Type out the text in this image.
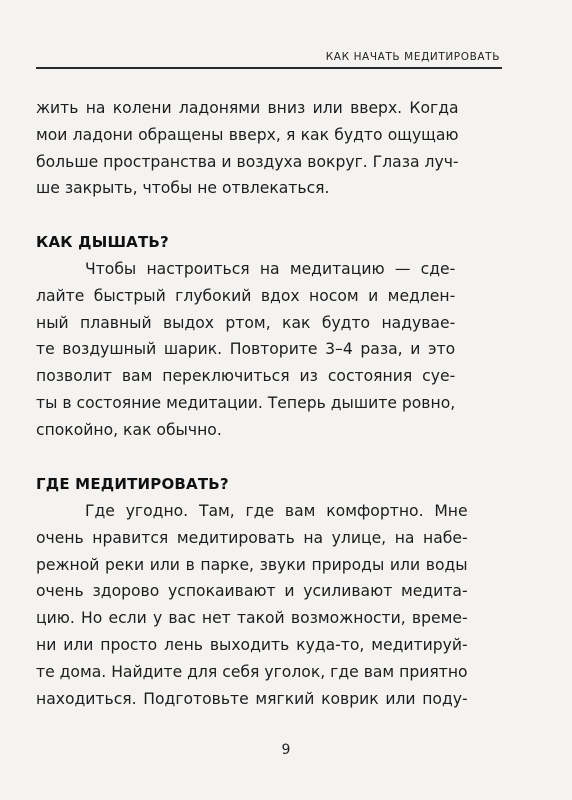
КАК НАЧАТЬ МЕДИТИРОВАТЬ
жить на колени ладонями вниз или вверх. Когда
мои ладони обращены вверх, я как будто ощущаю
больше пространства и воздуха вокруг. Глаза луч-
ше закрыть, чтобы не отвлекаться.
КАК ДЫШАТЬ?
Чтобы настроиться на медитацию — сде-
лайте быстрый глубокий вдох носом и медлен-
ный плавный выдох ртом, как будто надувае-
те воздушный шарик. Повторите 3–4 раза, и это
позволит вам переключиться из состояния суе-
ты в состояние медитации. Теперь дышите ровно,
спокойно, как обычно.
ГДЕ МЕДИТИРОВАТЬ?
Где угодно. Там, где вам комфортно. Мне
очень нравится медитировать на улице, на набе-
режной реки или в парке, звуки природы или воды
очень здорово успокаивают и усиливают медита-
цию. Но если у вас нет такой возможности, време-
ни или просто лень выходить куда-то, медитируй-
те дома. Найдите для себя уголок, где вам приятно
находиться. Подготовьте мягкий коврик или поду-
9
